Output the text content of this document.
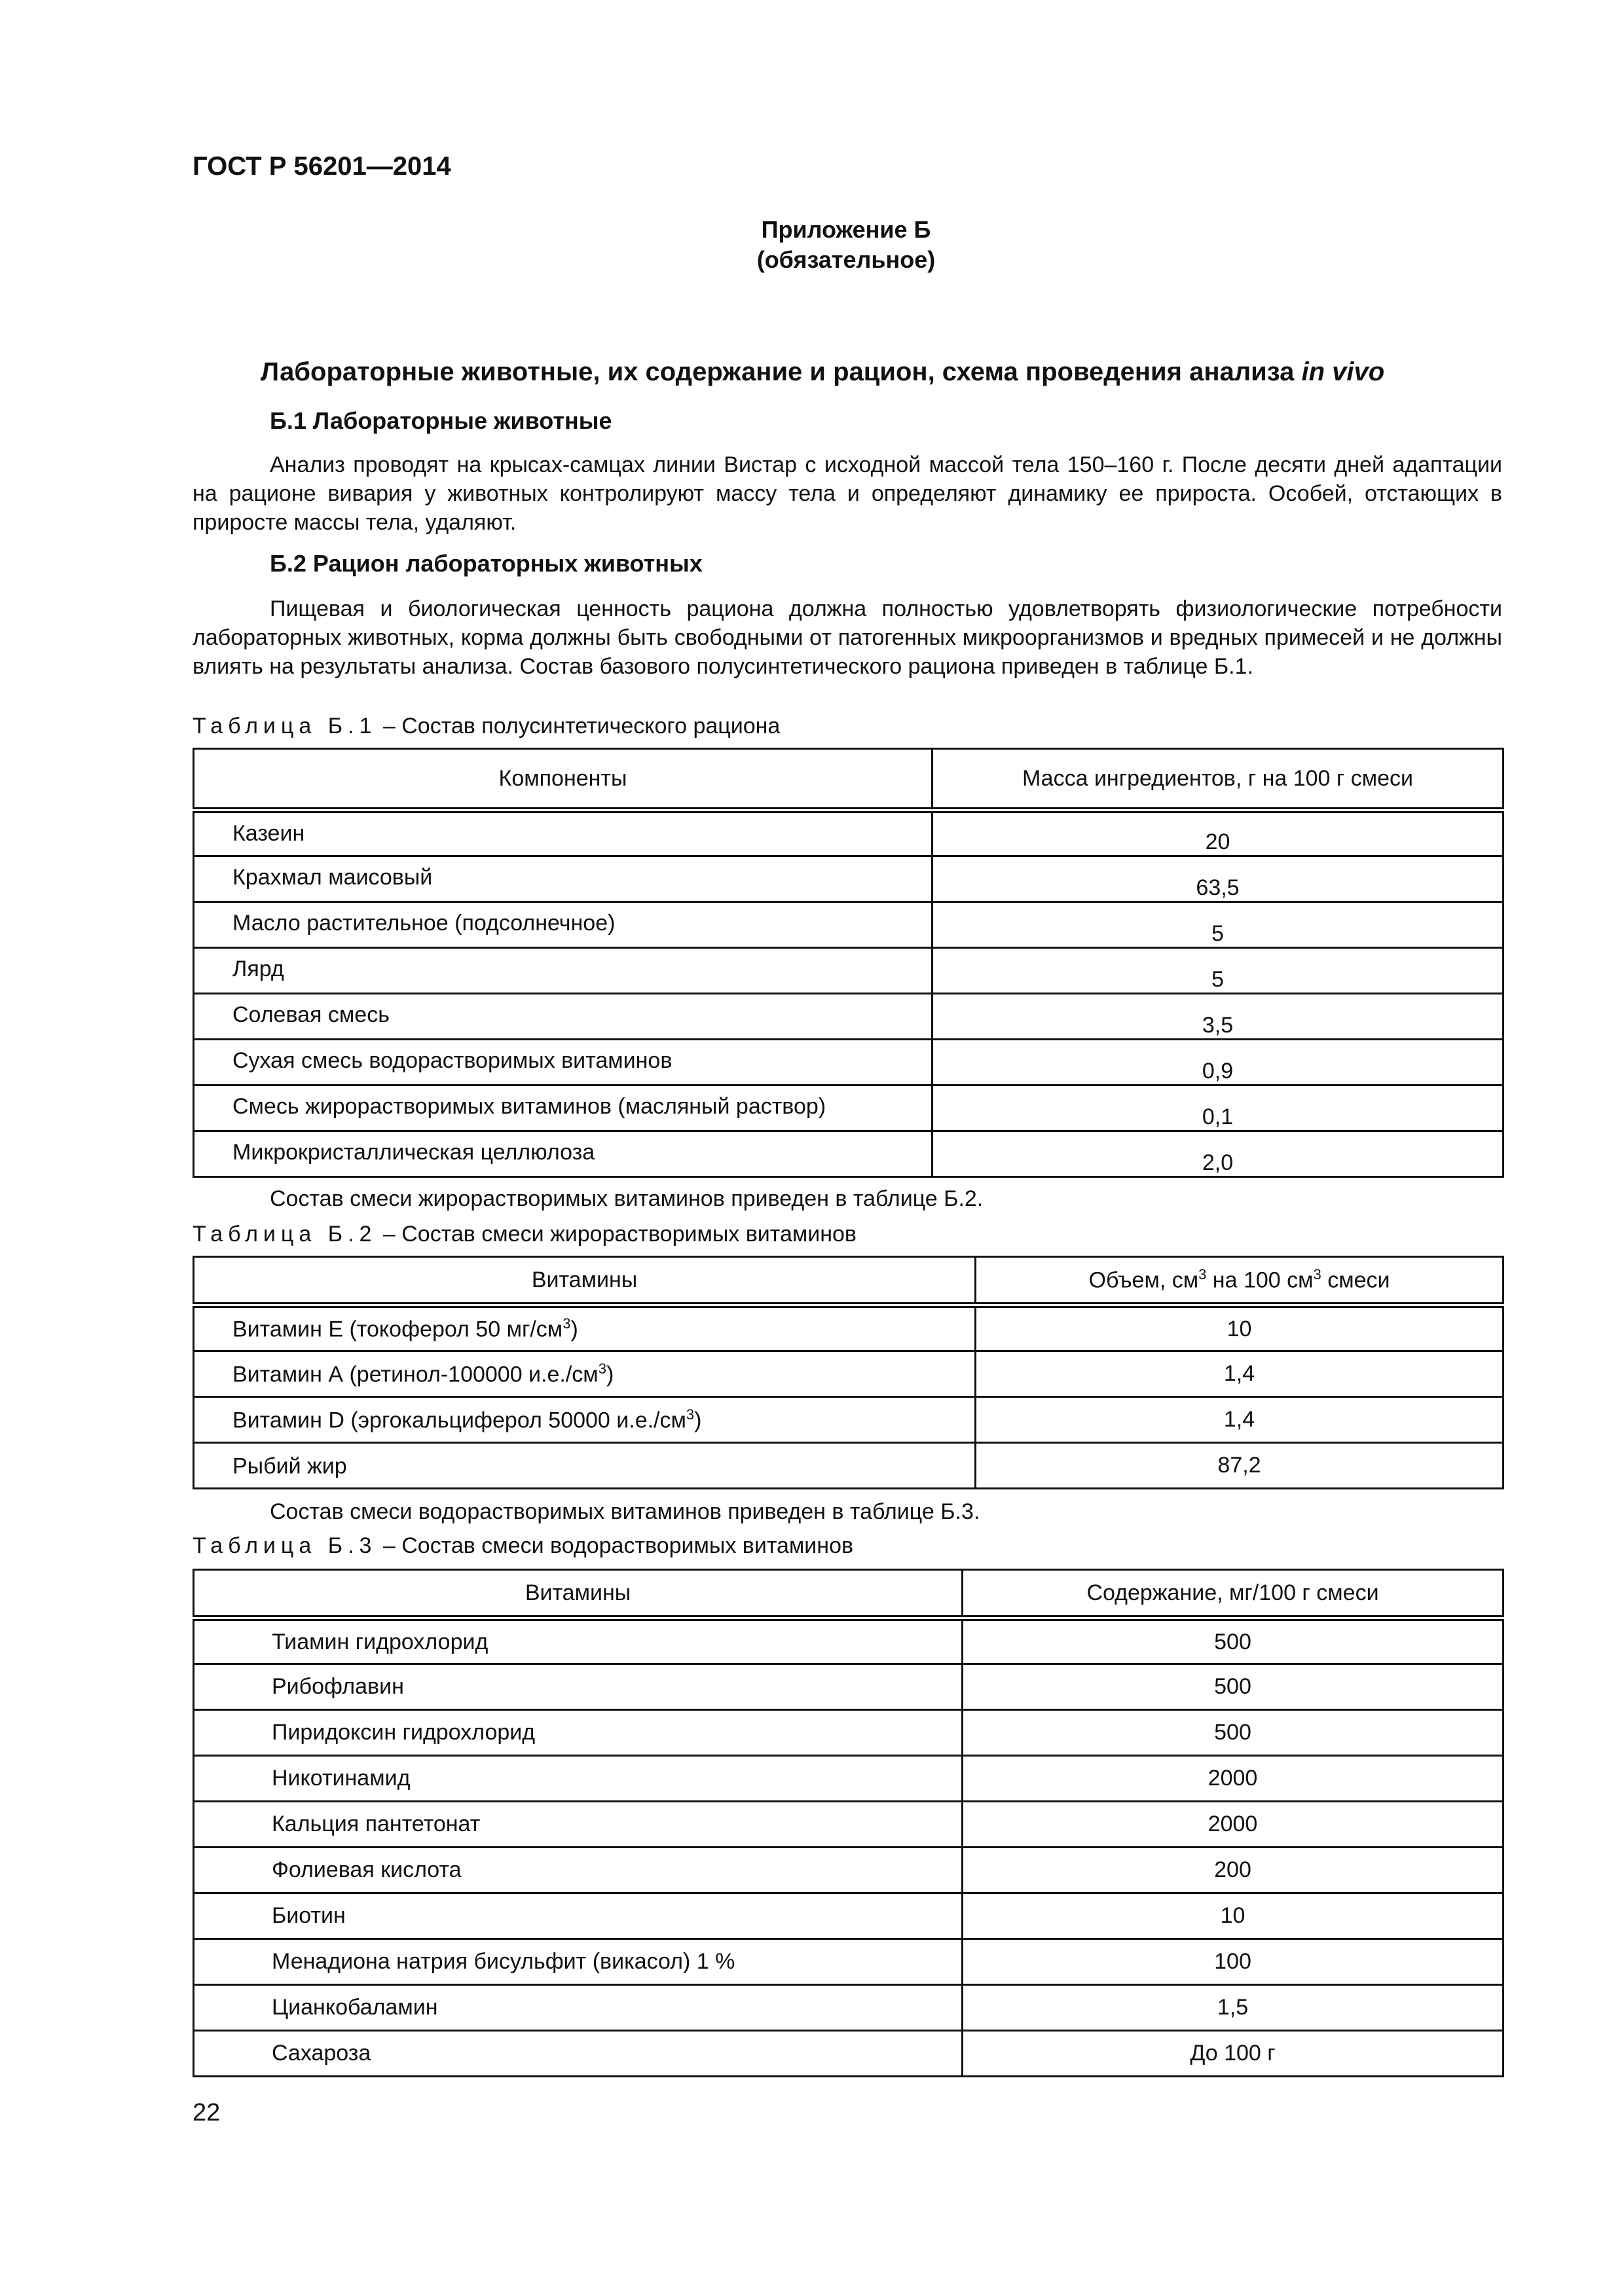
ГОСТ Р 56201—2014
Приложение Б
(обязательное)
Лабораторные животные, их содержание и рацион, схема проведения анализа in vivo
Б.1 Лабораторные животные
Анализ проводят на крысах-самцах линии Вистар с исходной массой тела 150–160 г. После десяти дней адаптации на рационе вивария у животных контролируют массу тела и определяют динамику ее прироста. Особей, отстающих в приросте массы тела, удаляют.
Б.2 Рацион лабораторных животных
Пищевая и биологическая ценность рациона должна полностью удовлетворять физиологические потребности лабораторных животных, корма должны быть свободными от патогенных микроорганизмов и вредных примесей и не должны влиять на результаты анализа. Состав базового полусинтетического рациона приведен в таблице Б.1.
Таблица Б.1 – Состав полусинтетического рациона
Компоненты	Масса ингредиентов, г на 100 г смеси
Казеин	20
Крахмал маисовый	63,5
Масло растительное (подсолнечное)	5
Лярд	5
Солевая смесь	3,5
Сухая смесь водорастворимых витаминов	0,9
Смесь жирорастворимых витаминов (масляный раствор)	0,1
Микрокристаллическая целлюлоза	2,0
Состав смеси жирорастворимых витаминов приведен в таблице Б.2.
Таблица Б.2 – Состав смеси жирорастворимых витаминов
Витамины	Объем, $см^3$ на 100 $см^3$ смеси
Витамин Е (токоферол 50 $мг/см^3$)	10
Витамин А (ретинол-100000 $и.е./см^3$)	1,4
Витамин D (эргокальциферол 50000 $и.е./см^3$)	1,4
Рыбий жир	87,2
Состав смеси водорастворимых витаминов приведен в таблице Б.3.
Таблица Б.3 – Состав смеси водорастворимых витаминов
Витамины	Содержание, мг/100 г смеси
Тиамин гидрохлорид	500
Рибофлавин	500
Пиридоксин гидрохлорид	500
Никотинамид	2000
Кальция пантетонат	2000
Фолиевая кислота	200
Биотин	10
Менадиона натрия бисульфит (викасол) 1 %	100
Цианкобаламин	1,5
Сахароза	До 100 г
22
